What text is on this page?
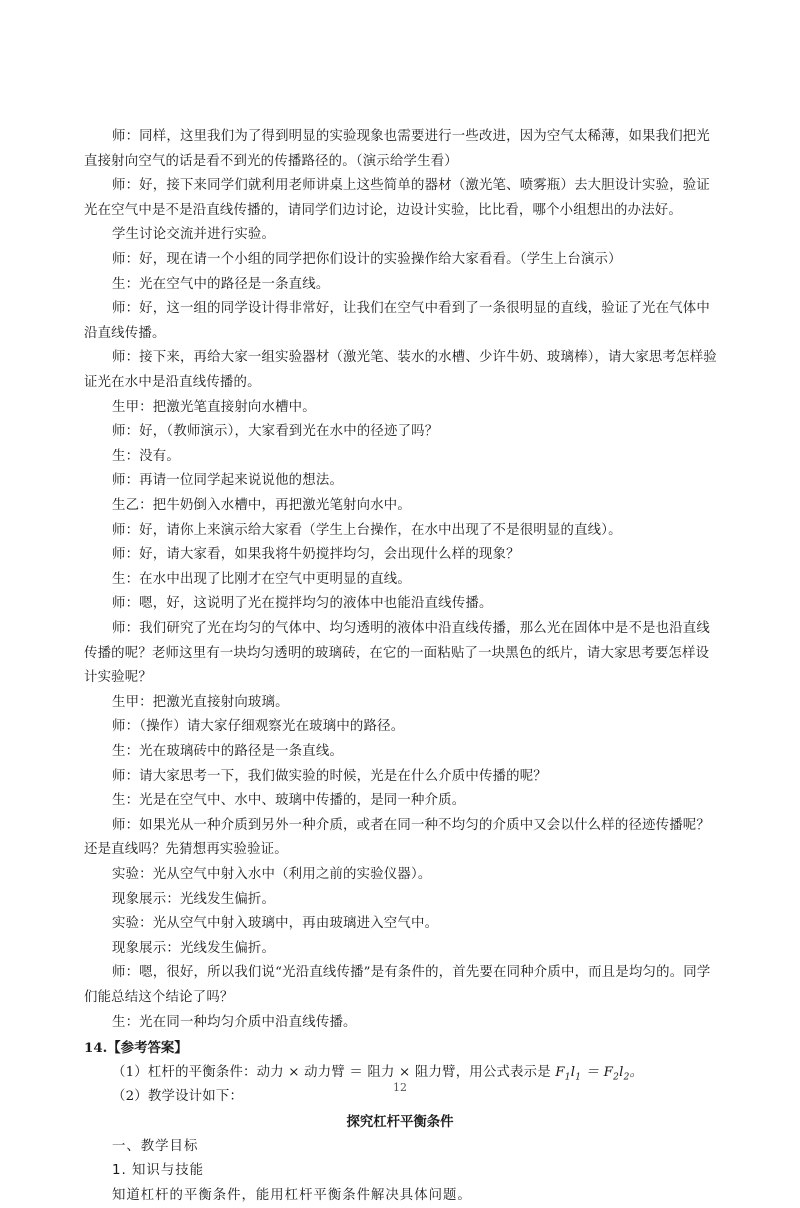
师：同样，这里我们为了得到明显的实验现象也需要进行一些改进，因为空气太稀薄，如果我们把光直接射向空气的话是看不到光的传播路径的。（演示给学生看）

师：好，接下来同学们就利用老师讲桌上这些简单的器材（激光笔、喷雾瓶）去大胆设计实验，验证光在空气中是不是沿直线传播的，请同学们边讨论，边设计实验，比比看，哪个小组想出的办法好。

学生讨论交流并进行实验。

师：好，现在请一个小组的同学把你们设计的实验操作给大家看看。（学生上台演示）

生：光在空气中的路径是一条直线。

师：好，这一组的同学设计得非常好，让我们在空气中看到了一条很明显的直线，验证了光在气体中沿直线传播。

师：接下来，再给大家一组实验器材（激光笔、装水的水槽、少许牛奶、玻璃棒），请大家思考怎样验证光在水中是沿直线传播的。

生甲：把激光笔直接射向水槽中。

师：好，（教师演示），大家看到光在水中的径迹了吗？

生：没有。

师：再请一位同学起来说说他的想法。

生乙：把牛奶倒入水槽中，再把激光笔射向水中。

师：好，请你上来演示给大家看（学生上台操作，在水中出现了不是很明显的直线）。

师：好，请大家看，如果我将牛奶搅拌均匀，会出现什么样的现象？

生：在水中出现了比刚才在空气中更明显的直线。

师：嗯，好，这说明了光在搅拌均匀的液体中也能沿直线传播。

师：我们研究了光在均匀的气体中、均匀透明的液体中沿直线传播，那么光在固体中是不是也沿直线传播的呢？老师这里有一块均匀透明的玻璃砖，在它的一面粘贴了一块黑色的纸片，请大家思考要怎样设计实验呢？

生甲：把激光直接射向玻璃。

师：（操作）请大家仔细观察光在玻璃中的路径。

生：光在玻璃砖中的路径是一条直线。

师：请大家思考一下，我们做实验的时候，光是在什么介质中传播的呢？

生：光是在空气中、水中、玻璃中传播的，是同一种介质。

师：如果光从一种介质到另外一种介质，或者在同一种不均匀的介质中又会以什么样的径迹传播呢？还是直线吗？先猜想再实验验证。

实验：光从空气中射入水中（利用之前的实验仪器）。

现象展示：光线发生偏折。

实验：光从空气中射入玻璃中，再由玻璃进入空气中。

现象展示：光线发生偏折。

师：嗯，很好，所以我们说“光沿直线传播”是有条件的，首先要在同种介质中，而且是均匀的。同学们能总结这个结论了吗？

生：光在同一种均匀介质中沿直线传播。

12
14.【参考答案】

（1）杠杆的平衡条件：动力 × 动力臂 ＝ 阻力 × 阻力臂，用公式表示是 $F_1l_1 = F_2l_2$。

（2）教学设计如下：

探究杠杆平衡条件

一、教学目标

1. 知识与技能

知道杠杆的平衡条件，能用杠杆平衡条件解决具体问题。
